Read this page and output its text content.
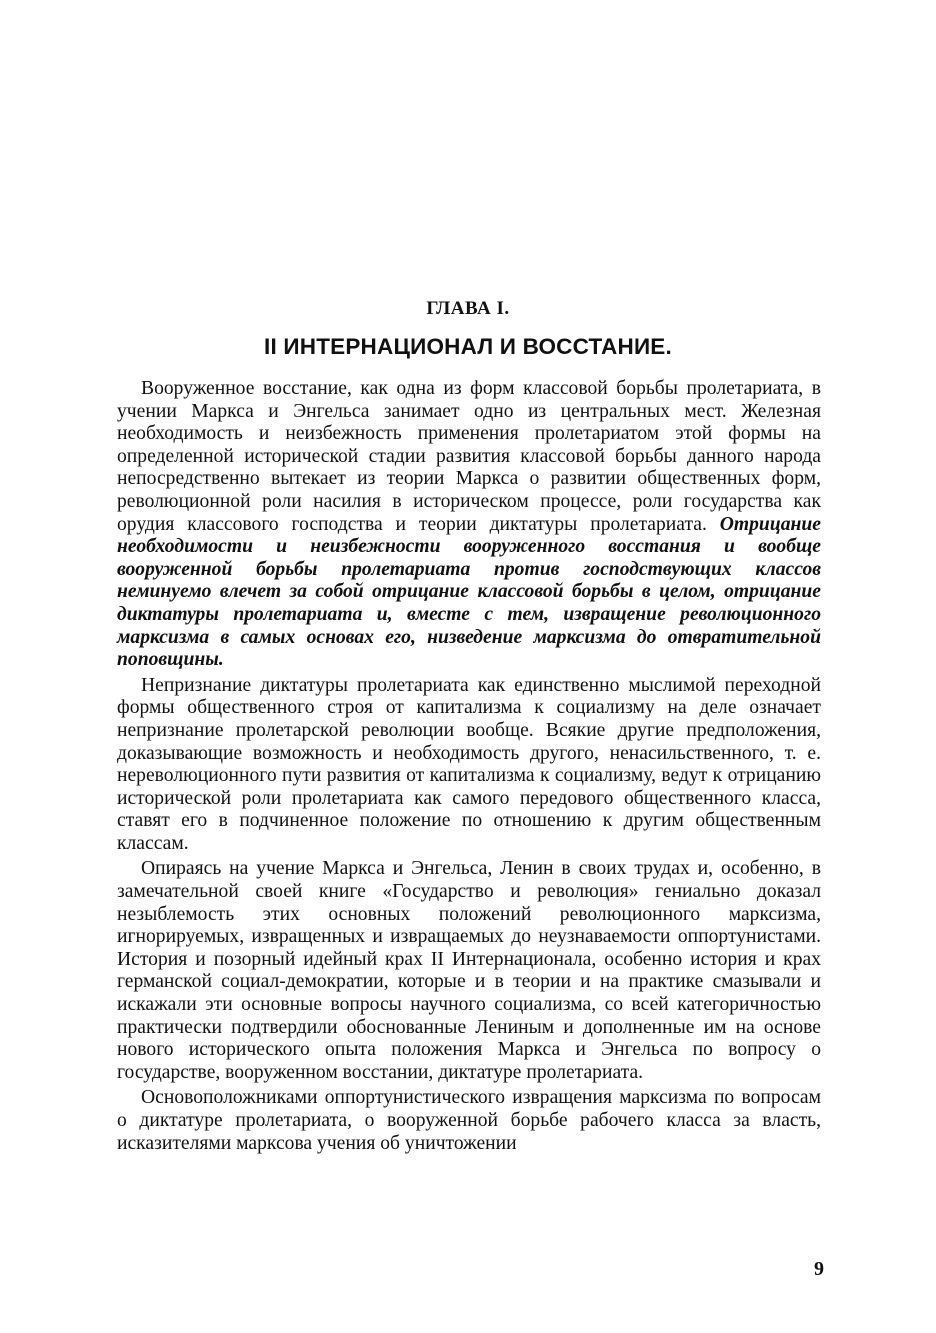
ГЛАВА I.
II ИНТЕРНАЦИОНАЛ И ВОССТАНИЕ.

Вооруженное восстание, как одна из форм классовой борьбы пролетариата, в учении Маркса и Энгельса занимает одно из центральных мест. Железная необходимость и неизбежность применения пролетариатом этой формы на определенной исторической стадии развития классовой борьбы данного народа непосредственно вытекает из теории Маркса о развитии общественных форм, революционной роли насилия в историческом процессе, роли государства как орудия классового господства и теории диктатуры пролетариата. Отрицание необходимости и неизбежности вооруженного восстания и вообще вооруженной борьбы пролетариата против господствующих классов неминуемо влечет за собой отрицание классовой борьбы в целом, отрицание диктатуры пролетариата и, вместе с тем, извращение революционного марксизма в самых основах его, низведение марксизма до отвратительной поповщины.

Непризнание диктатуры пролетариата как единственно мыслимой переходной формы общественного строя от капитализма к социализму на деле означает непризнание пролетарской революции вообще. Всякие другие предположения, доказывающие возможность и необходимость другого, ненасильственного, т. е. нереволюционного пути развития от капитализма к социализму, ведут к отрицанию исторической роли пролетариата как самого передового общественного класса, ставят его в подчиненное положение по отношению к другим общественным классам.

Опираясь на учение Маркса и Энгельса, Ленин в своих трудах и, особенно, в замечательной своей книге «Государство и революция» гениально доказал незыблемость этих основных положений революционного марксизма, игнорируемых, извращенных и извращаемых до неузнаваемости оппортунистами. История и позорный идейный крах II Интернационала, особенно история и крах германской социал-демократии, которые и в теории и на практике смазывали и искажали эти основные вопросы научного социализма, со всей категоричностью практически подтвердили обоснованные Лениным и дополненные им на основе нового исторического опыта положения Маркса и Энгельса по вопросу о государстве, вооруженном восстании, диктатуре пролетариата.

Основоположниками оппортунистического извращения марксизма по вопросам о диктатуре пролетариата, о вооруженной борьбе рабочего класса за власть, исказителями марксова учения об уничтожении

9
